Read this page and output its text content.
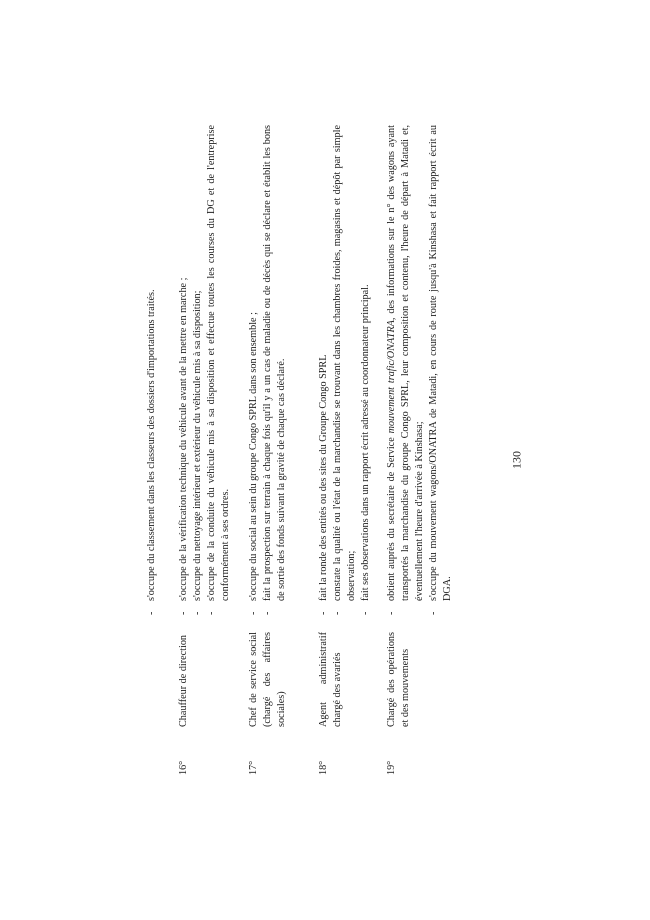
- s'occupe du classement dans les classeurs des dossiers d'importations traités.
16°
Chauffeur de direction
- s'occupe de la vérification technique du véhicule avant de la mettre en marche ; - s'occupe du nettoyage intérieur et extérieur du véhicule mis à sa disposition; - s'occupe de la conduite du véhicule mis à sa disposition et effectue toutes les courses du DG et de l'entreprise conformément à ses ordres.
17°
Chef de service social (chargé des affaires sociales)
- s'occupe du social au sein du groupe Congo SPRL dans son ensemble ; - fait la prospection sur terrain à chaque fois qu'il y a un cas de maladie ou de décès qui se déclare et établit les bons de sortie des fonds suivant la gravité de chaque cas déclaré.
18°
Agent administratif chargé des avariés
- fait la ronde des entités ou des sites du Groupe Congo SPRL - constate la qualité ou l'état de la marchandise se trouvant dans les chambres froides, magasins et dépôt par simple observation; - fait ses observations dans un rapport écrit adressé au coordonnateur principal.
19°
Chargé des opérations et des mouvements
- obtient auprès du secrétaire de Service mouvement trafic/ONATRA, des informations sur le n° des wagons ayant transportés la marchandise du groupe Congo SPRL, leur composition et contenu, l'heure de départ à Matadi et, éventuellement l'heure d'arrivée à Kinshasa; - s'occupe du mouvement wagons/ONATRA de Matadi, en cours de route jusqu'à Kinshasa et fait rapport écrit au DGA.
130
